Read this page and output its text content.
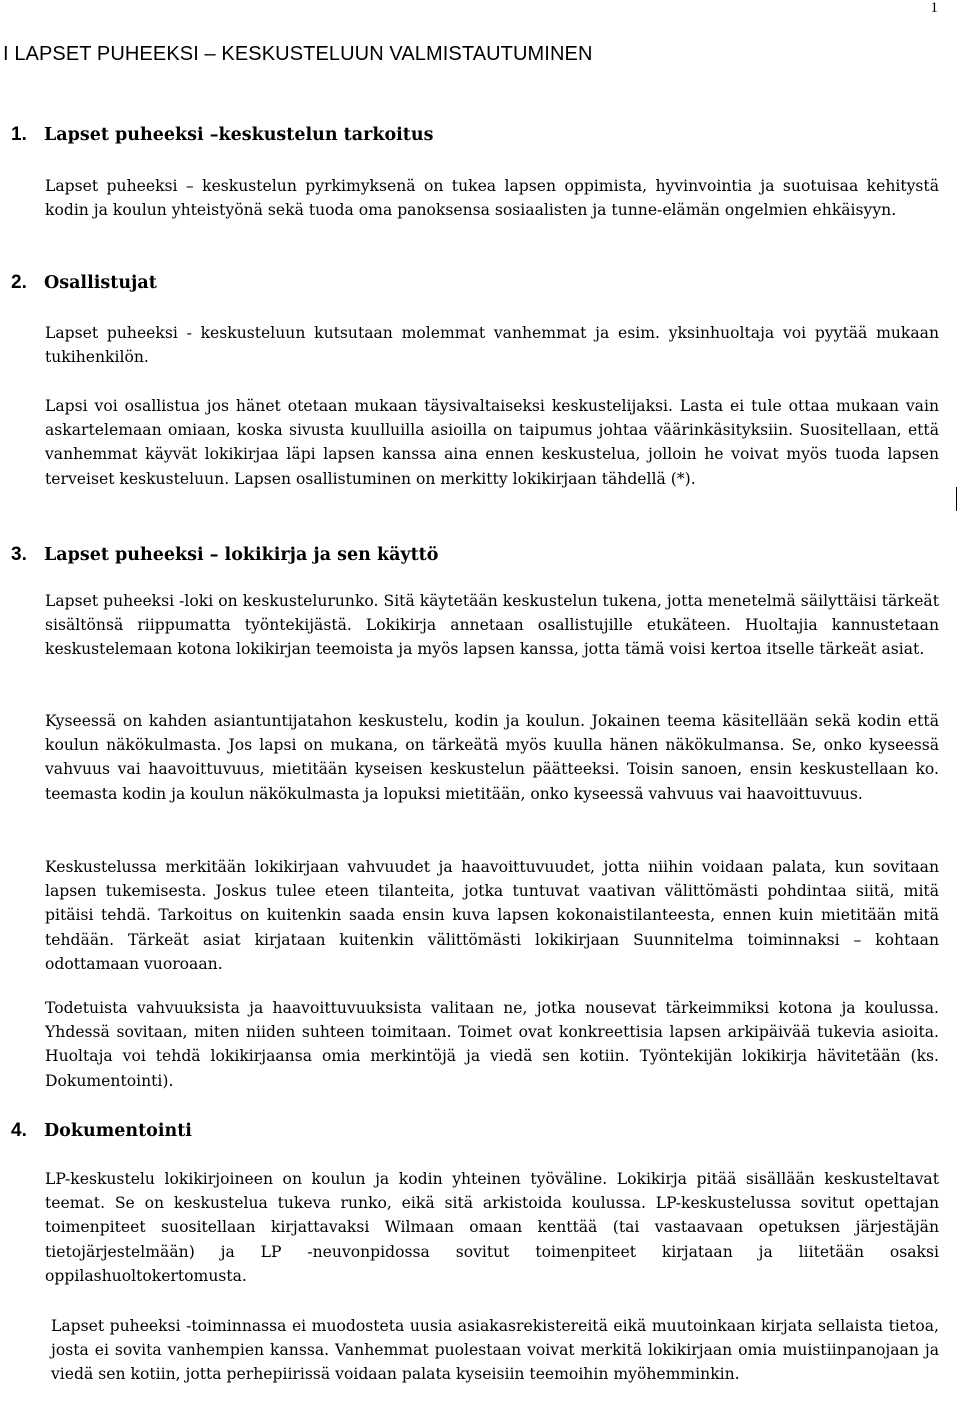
1
I LAPSET PUHEEKSI – KESKUSTELUUN VALMISTAUTUMINEN
1. Lapset puheeksi –keskustelun tarkoitus

Lapset puheeksi – keskustelun pyrkimyksenä on tukea lapsen oppimista, hyvinvointia ja suotuisaa kehitystä kodin ja koulun yhteistyönä sekä tuoda oma panoksensa sosiaalisten ja tunne-elämän ongelmien ehkäisyyn.

2. Osallistujat

Lapset puheeksi - keskusteluun kutsutaan molemmat vanhemmat ja esim. yksinhuoltaja voi pyytää mukaan tukihenkilön.

Lapsi voi osallistua jos hänet otetaan mukaan täysivaltaiseksi keskustelijaksi. Lasta ei tule ottaa mukaan vain askartelemaan omiaan, koska sivusta kuulluilla asioilla on taipumus johtaa väärinkäsityksiin. Suositellaan, että vanhemmat käyvät lokikirjaa läpi lapsen kanssa aina ennen keskustelua, jolloin he voivat myös tuoda lapsen terveiset keskusteluun. Lapsen osallistuminen on merkitty lokikirjaan tähdellä (*).

3. Lapset puheeksi – lokikirja ja sen käyttö

Lapset puheeksi -loki on keskustelurunko. Sitä käytetään keskustelun tukena, jotta menetelmä säilyttäisi tärkeät sisältönsä riippumatta työntekijästä. Lokikirja annetaan osallistujille etukäteen. Huoltajia kannustetaan keskustelemaan kotona lokikirjan teemoista ja myös lapsen kanssa, jotta tämä voisi kertoa itselle tärkeät asiat.

Kyseessä on kahden asiantuntijatahon keskustelu, kodin ja koulun. Jokainen teema käsitellään sekä kodin että koulun näkökulmasta. Jos lapsi on mukana, on tärkeätä myös kuulla hänen näkökulmansa. Se, onko kyseessä vahvuus vai haavoittuvuus, mietitään kyseisen keskustelun päätteeksi. Toisin sanoen, ensin keskustellaan ko. teemasta kodin ja koulun näkökulmasta ja lopuksi mietitään, onko kyseessä vahvuus vai haavoittuvuus.

Keskustelussa merkitään lokikirjaan vahvuudet ja haavoittuvuudet, jotta niihin voidaan palata, kun sovitaan lapsen tukemisesta. Joskus tulee eteen tilanteita, jotka tuntuvat vaativan välittömästi pohdintaa siitä, mitä pitäisi tehdä. Tarkoitus on kuitenkin saada ensin kuva lapsen kokonaistilanteesta, ennen kuin mietitään mitä tehdään. Tärkeät asiat kirjataan kuitenkin välittömästi lokikirjaan Suunnitelma toiminnaksi – kohtaan odottamaan vuoroaan.

Todetuista vahvuuksista ja haavoittuvuuksista valitaan ne, jotka nousevat tärkeimmiksi kotona ja koulussa. Yhdessä sovitaan, miten niiden suhteen toimitaan. Toimet ovat konkreettisia lapsen arkipäivää tukevia asioita. Huoltaja voi tehdä lokikirjaansa omia merkintöjä ja viedä sen kotiin. Työntekijän lokikirja hävitetään (ks. Dokumentointi).

4. Dokumentointi

LP-keskustelu lokikirjoineen on koulun ja kodin yhteinen työväline. Lokikirja pitää sisällään keskusteltavat teemat. Se on keskustelua tukeva runko, eikä sitä arkistoida koulussa. LP-keskustelussa sovitut opettajan toimenpiteet suositellaan kirjattavaksi Wilmaan omaan kenttää (tai vastaavaan opetuksen järjestäjän tietojärjestelmään) ja LP -neuvonpidossa sovitut toimenpiteet kirjataan ja liitetään osaksi oppilashuoltokertomusta.

Lapset puheeksi -toiminnassa ei muodosteta uusia asiakasrekistereitä eikä muutoinkaan kirjata sellaista tietoa, josta ei sovita vanhempien kanssa. Vanhemmat puolestaan voivat merkitä lokikirjaan omia muistiinpanojaan ja viedä sen kotiin, jotta perhepiirissä voidaan palata kyseisiin teemoihin myöhemminkin.
